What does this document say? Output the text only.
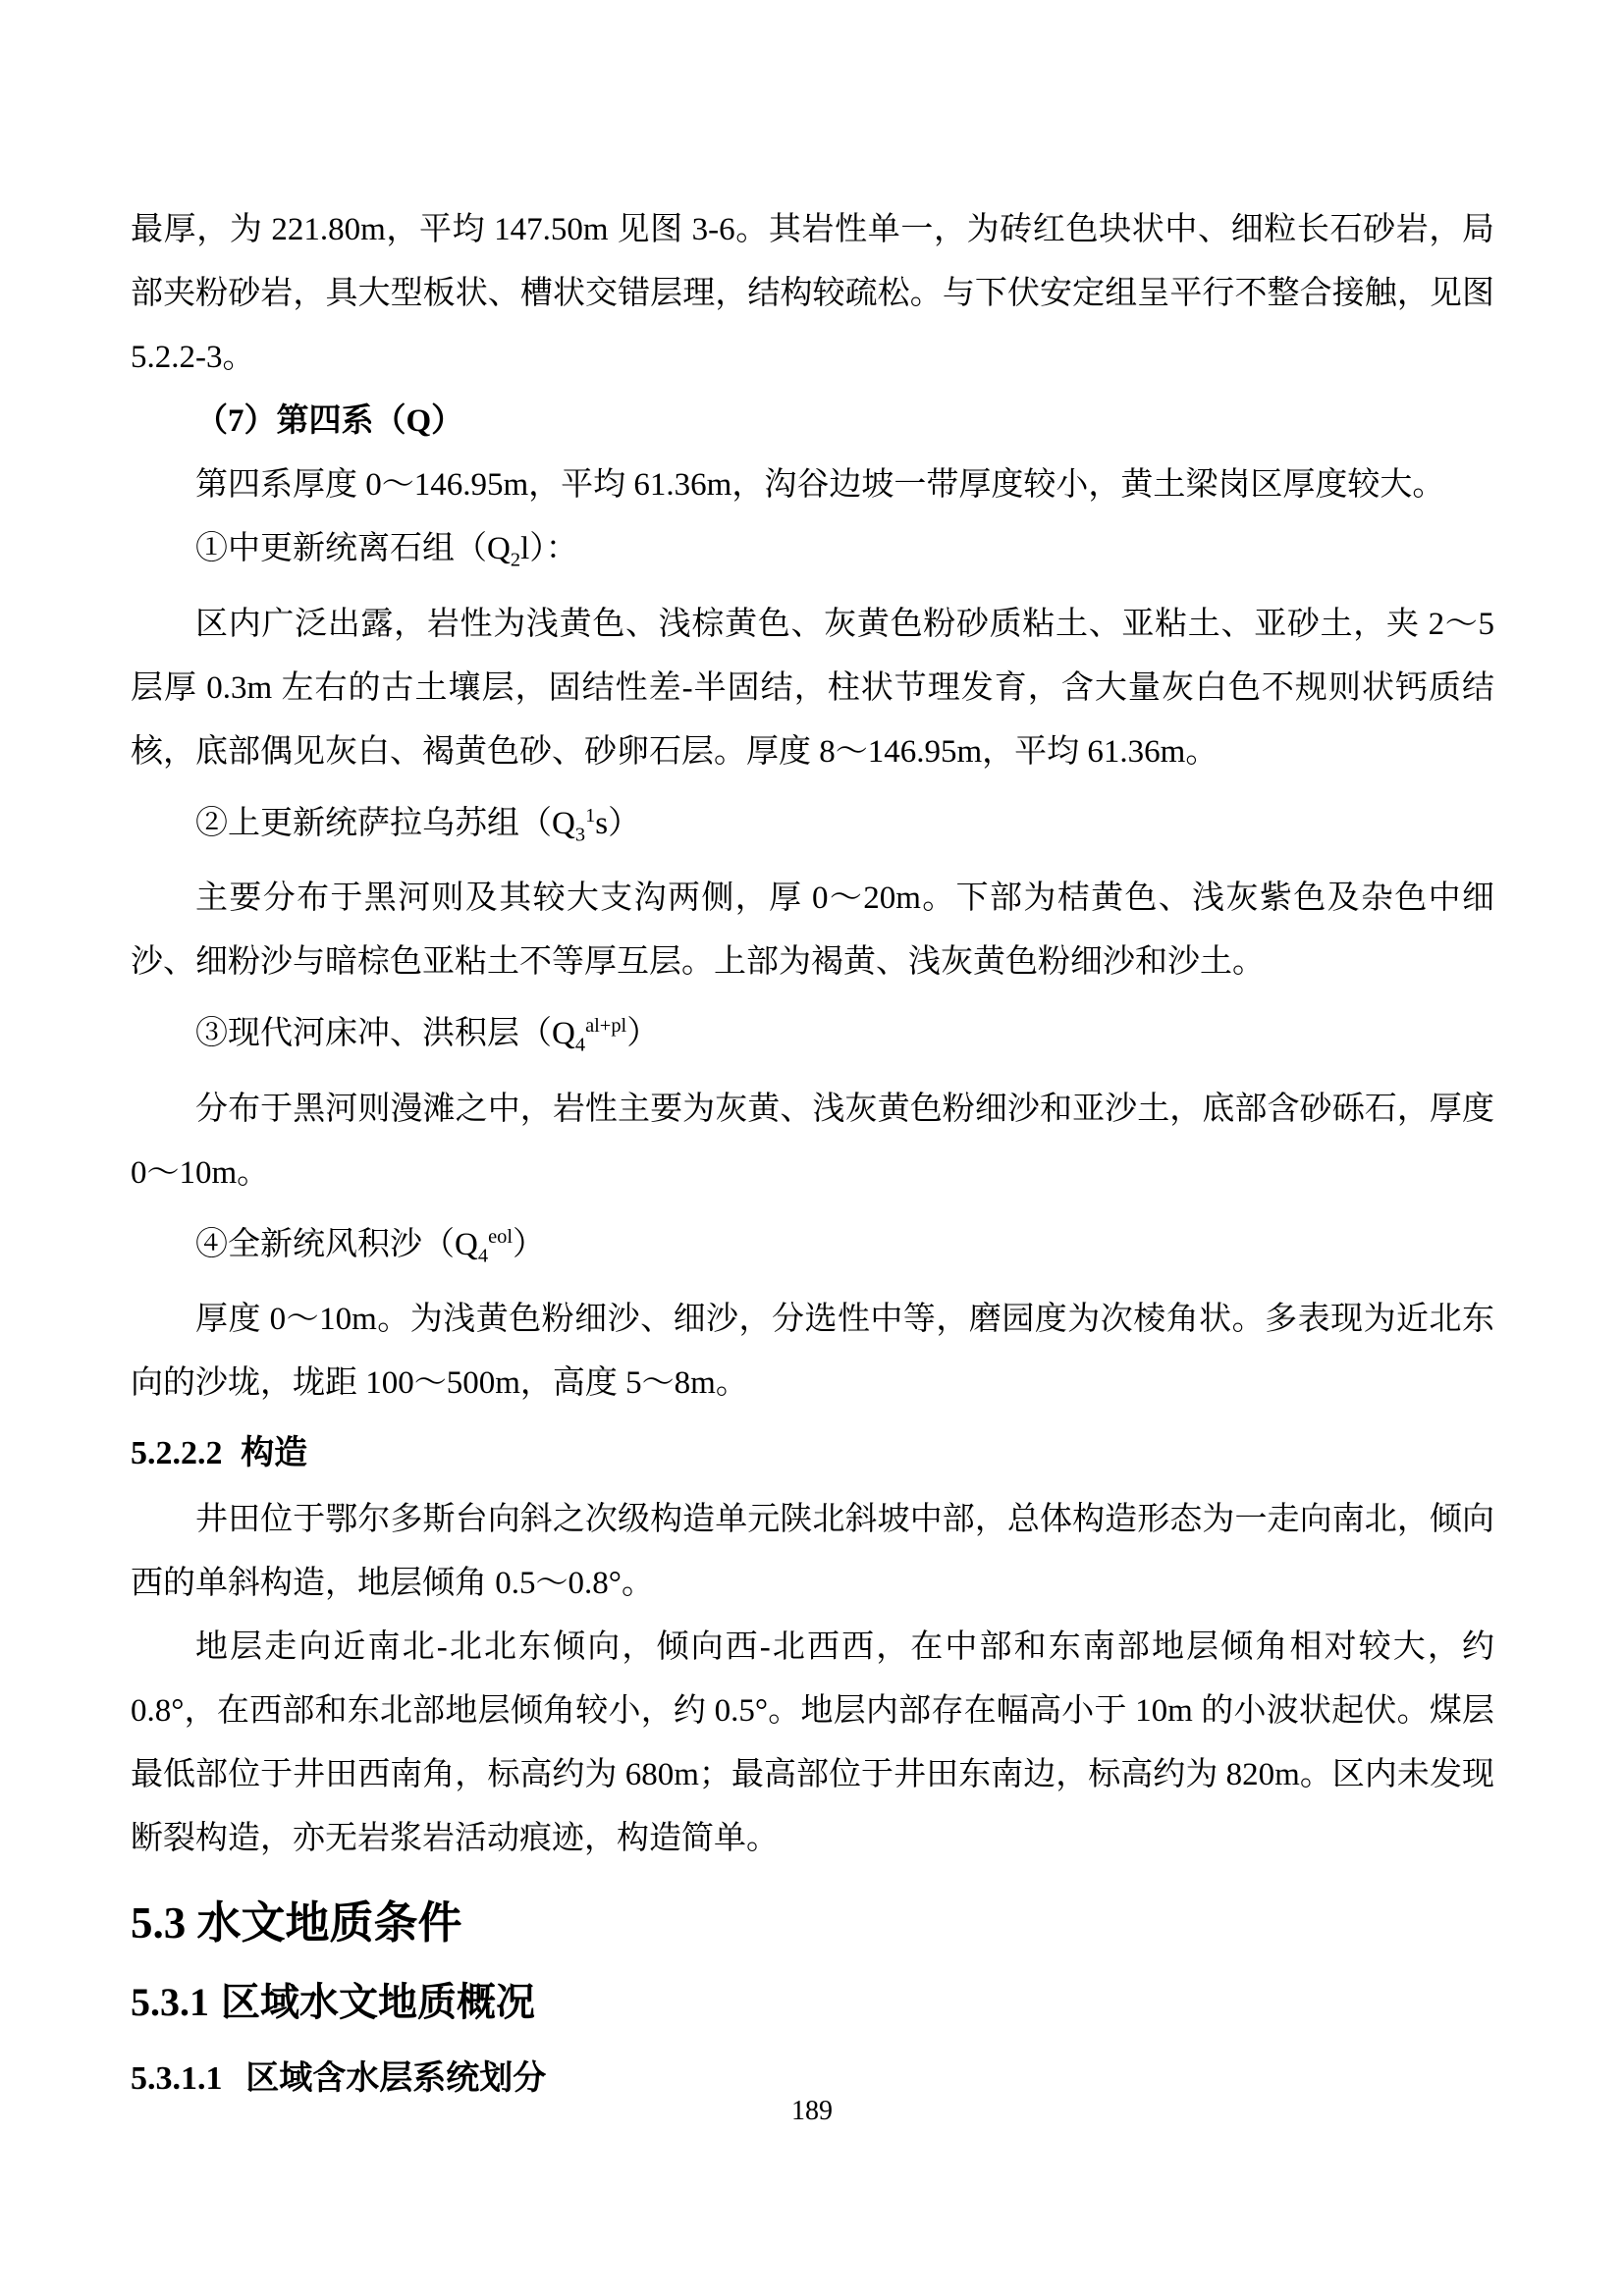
最厚，为 221.80m，平均 147.50m 见图 3-6。其岩性单一，为砖红色块状中、细粒长石砂岩，局部夹粉砂岩，具大型板状、槽状交错层理，结构较疏松。与下伏安定组呈平行不整合接触，见图 5.2.2-3。

（7）第四系（Q）

第四系厚度 0～146.95m，平均 61.36m，沟谷边坡一带厚度较小，黄土梁岗区厚度较大。

①中更新统离石组$(Q_2l)$：

区内广泛出露，岩性为浅黄色、浅棕黄色、灰黄色粉砂质粘土、亚粘土、亚砂土，夹 2～5 层厚 0.3m 左右的古土壤层，固结性差-半固结，柱状节理发育，含大量灰白色不规则状钙质结核，底部偶见灰白、褐黄色砂、砂卵石层。厚度 8～146.95m，平均 61.36m。

②上更新统萨拉乌苏组$(Q_3^1s)$

主要分布于黑河则及其较大支沟两侧，厚 0～20m。下部为桔黄色、浅灰紫色及杂色中细沙、细粉沙与暗棕色亚粘土不等厚互层。上部为褐黄、浅灰黄色粉细沙和沙土。

③现代河床冲、洪积层$(Q_4^{al+pl})$

分布于黑河则漫滩之中，岩性主要为灰黄、浅灰黄色粉细沙和亚沙土，底部含砂砾石，厚度 0～10m。

④全新统风积沙$(Q_4^{eol})$

厚度 0～10m。为浅黄色粉细沙、细沙，分选性中等，磨园度为次棱角状。多表现为近北东向的沙垅，垅距 100～500m，高度 5～8m。

5.2.2.2 构造

井田位于鄂尔多斯台向斜之次级构造单元陕北斜坡中部，总体构造形态为一走向南北，倾向西的单斜构造，地层倾角 0.5～0.8°。

地层走向近南北-北北东倾向，倾向西-北西西，在中部和东南部地层倾角相对较大，约 0.8°，在西部和东北部地层倾角较小，约 0.5°。地层内部存在幅高小于 10m 的小波状起伏。煤层最低部位于井田西南角，标高约为 680m；最高部位于井田东南边，标高约为 820m。区内未发现断裂构造，亦无岩浆岩活动痕迹，构造简单。

5.3 水文地质条件

5.3.1 区域水文地质概况

5.3.1.1 区域含水层系统划分

189
